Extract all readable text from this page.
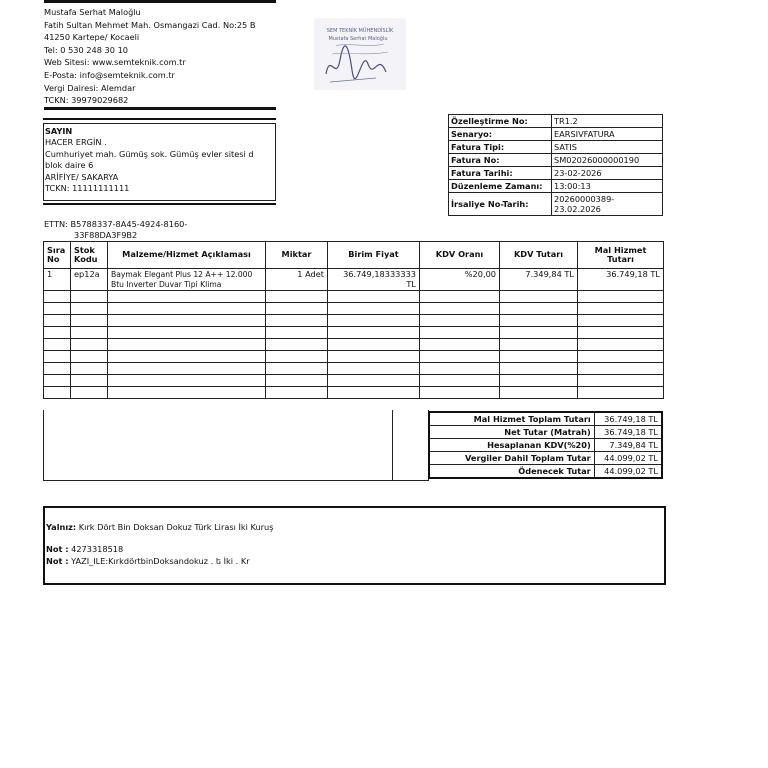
Mustafa Serhat Maloğlu
Fatih Sultan Mehmet Mah. Osmangazi Cad. No:25 B
41250 Kartepe/ Kocaeli
Tel: 0 530 248 30 10
Web Sitesi: www.semteknik.com.tr
E-Posta: info@semteknik.com.tr
Vergi Dairesi: Alemdar
TCKN: 39979029682
SEM TEKNİK MÜHENDİSLİK
Mustafa Serhat Maloğlu
SAYIN
HACER ERGİN .
Cumhuriyet mah. Gümüş sok. Gümüş evler sitesi d
blok daire 6
ARİFİYE/ SAKARYA
TCKN: 11111111111
Özelleştirme No:	TR1.2
Senaryo:	EARSIVFATURA
Fatura Tipi:	SATIS
Fatura No:	SM02026000000190
Fatura Tarihi:	23-02-2026
Düzenleme Zamanı:	13:00:13
İrsaliye No-Tarih:	20260000389-
23.02.2026
ETTN: B5788337-8A45-4924-8160-
33F88DA3F9B2
Sıra No	Stok Kodu	Malzeme/Hizmet Açıklaması	Miktar	Birim Fiyat	KDV Oranı	KDV Tutarı	Mal Hizmet Tutarı
1	ep12a	Baymak Elegant Plus 12 A++ 12.000 Btu Inverter Duvar Tipi Klima	1 Adet	36.749,18333333 TL	%20,00	7.349,84 TL	36.749,18 TL

Mal Hizmet Toplam Tutarı	36.749,18 TL
Net Tutar (Matrah)	36.749,18 TL
Hesaplanan KDV(%20)	7.349,84 TL
Vergiler Dahil Toplam Tutar	44.099,02 TL
Ödenecek Tutar	44.099,02 TL
Yalnız: Kırk Dört Bin Doksan Dokuz Türk Lirası İki Kuruş
Not : 4273318518
Not : YAZI_ILE:KırkdörtbinDoksandokuz . ե İki . Kr
